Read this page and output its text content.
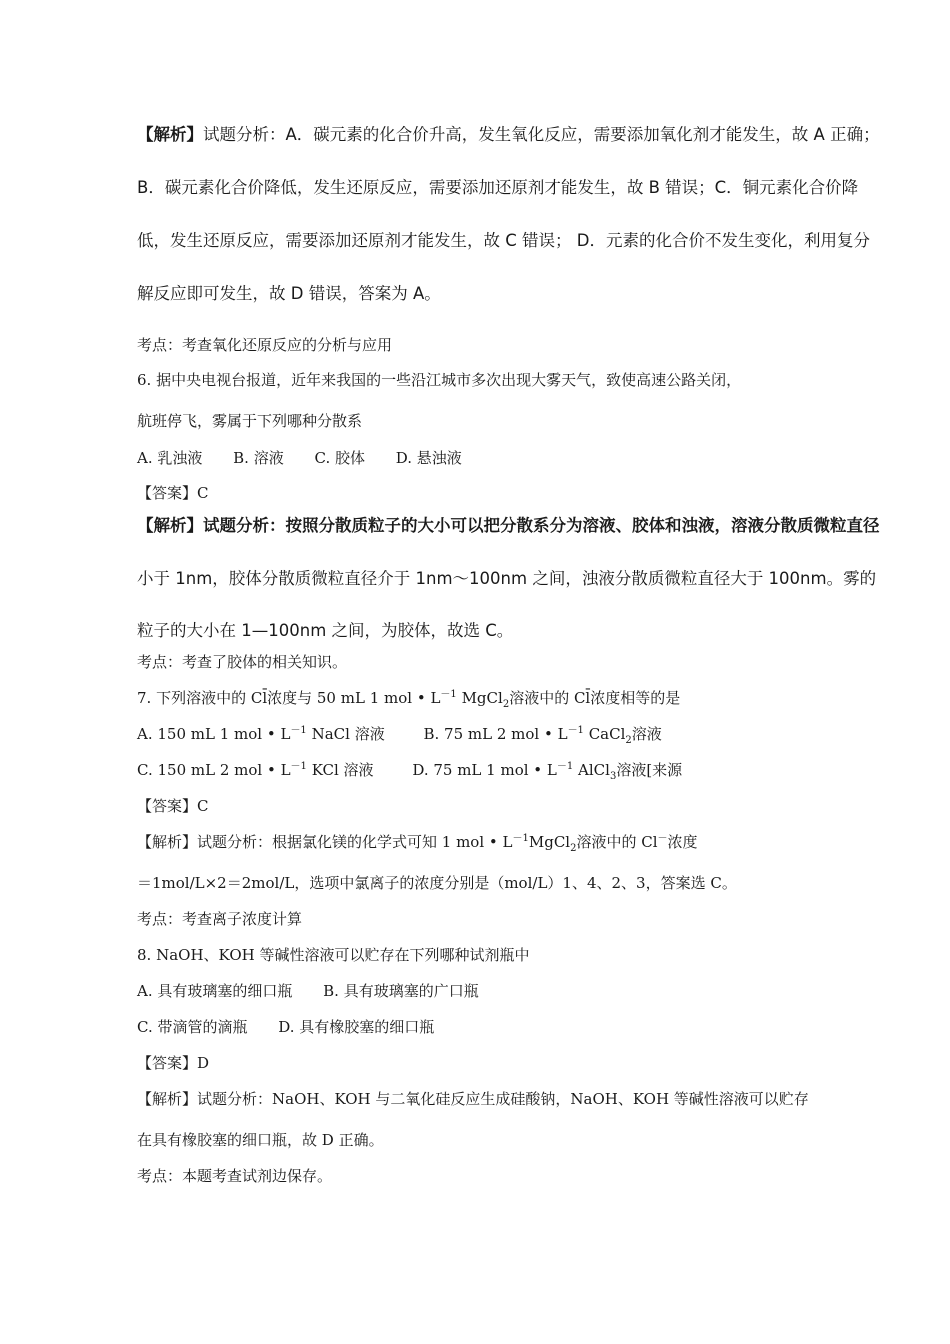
【解析】试题分析：A．碳元素的化合价升高，发生氧化反应，需要添加氧化剂才能发生，故 A 正确；
B．碳元素化合价降低，发生还原反应，需要添加还原剂才能发生，故 B 错误；C．铜元素化合价降
低，发生还原反应，需要添加还原剂才能发生，故 C 错误； D．元素的化合价不发生变化，利用复分
解反应即可发生，故 D 错误，答案为 A。
考点：考查氧化还原反应的分析与应用
6. 据中央电视台报道，近年来我国的一些沿江城市多次出现大雾天气，致使高速公路关闭，
航班停飞，雾属于下列哪种分散系
A. 乳浊液 B. 溶液 C. 胶体 D. 悬浊液
【答案】C
【解析】试题分析：按照分散质粒子的大小可以把分散系分为溶液、胶体和浊液，溶液分散质微粒直径
小于 1nm，胶体分散质微粒直径介于 1nm～100nm 之间，浊液分散质微粒直径大于 100nm。雾的
粒子的大小在 1—100nm 之间，为胶体，故选 C。
考点：考查了胶体的相关知识。
7. 下列溶液中的 Cl̄浓度与 50 mL 1 mol • $L^{-1}$ MgCl$_2$溶液中的 Cl̄浓度相等的是
A. 150 mL 1 mol • $L^{-1}$ NaCl 溶液	B. 75 mL 2 mol • $L^{-1}$ CaCl$_2$溶液
C. 150 mL 2 mol • $L^{-1}$ KCl 溶液	D. 75 mL 1 mol • $L^{-1}$ AlCl$_3$溶液[来源
【答案】C
【解析】试题分析：根据氯化镁的化学式可知 1 mol • $L^{-1}MgCl_2$溶液中的 Cl－浓度
＝1mol/L×2＝2mol/L，选项中氯离子的浓度分别是（mol/L）1、4、2、3，答案选 C。
考点：考查离子浓度计算
8. NaOH、KOH 等碱性溶液可以贮存在下列哪种试剂瓶中
A. 具有玻璃塞的细口瓶 B. 具有玻璃塞的广口瓶
C. 带滴管的滴瓶 D. 具有橡胶塞的细口瓶
【答案】D
【解析】试题分析：NaOH、KOH 与二氧化硅反应生成硅酸钠，NaOH、KOH 等碱性溶液可以贮存
在具有橡胶塞的细口瓶，故 D 正确。
考点：本题考查试剂边保存。
